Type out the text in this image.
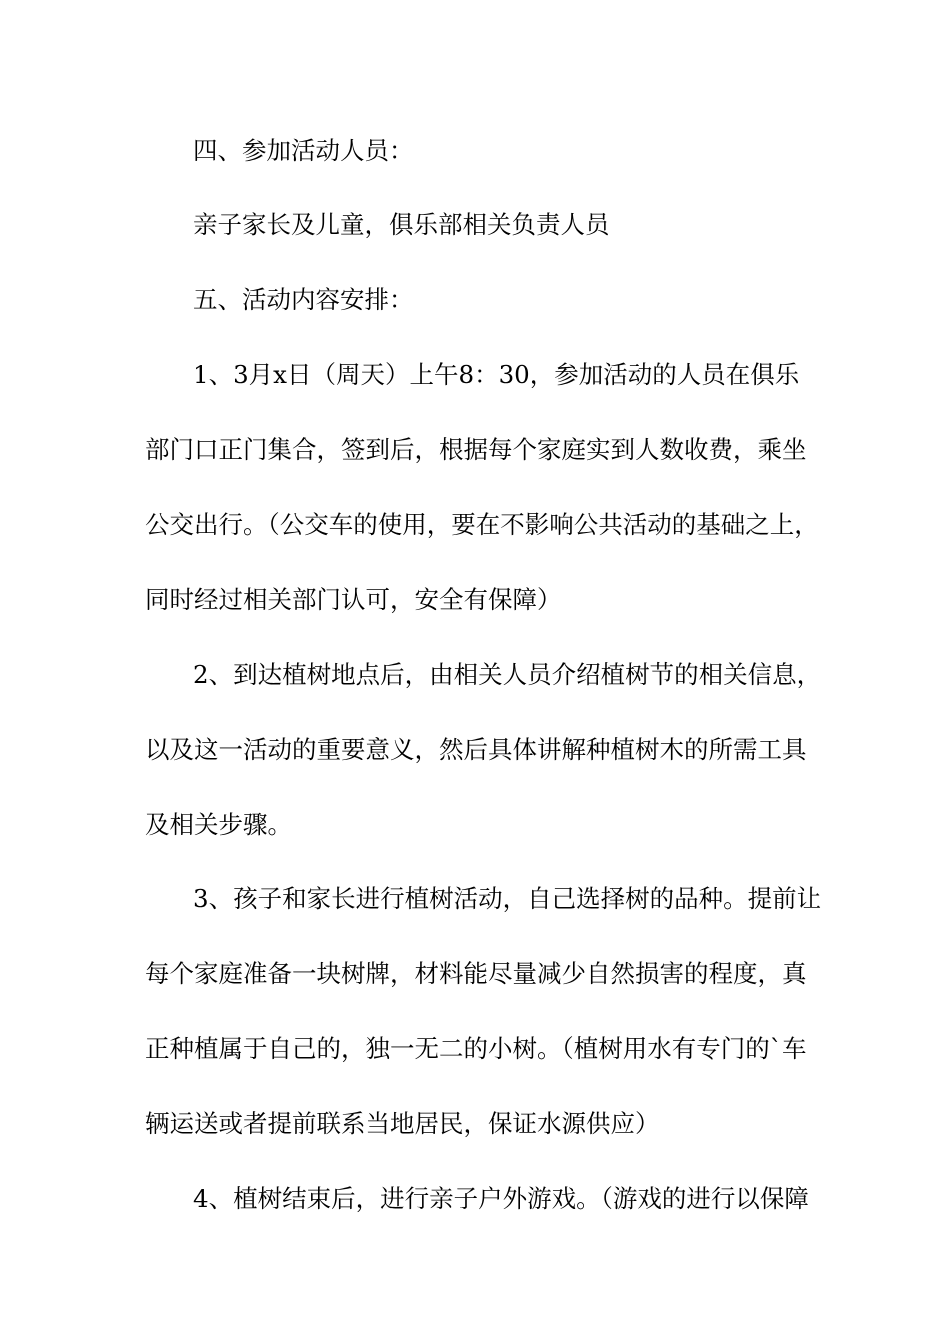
四、参加活动人员：
亲子家长及儿童，俱乐部相关负责人员
五、活动内容安排：
1、3月x日（周天）上午8：30，参加活动的人员在俱乐
部门口正门集合，签到后，根据每个家庭实到人数收费，乘坐
公交出行。（公交车的使用，要在不影响公共活动的基础之上，
同时经过相关部门认可，安全有保障）
2、到达植树地点后，由相关人员介绍植树节的相关信息，
以及这一活动的重要意义，然后具体讲解种植树木的所需工具
及相关步骤。
3、孩子和家长进行植树活动，自己选择树的品种。提前让
每个家庭准备一块树牌，材料能尽量减少自然损害的程度，真
正种植属于自己的，独一无二的小树。（植树用水有专门的`车
辆运送或者提前联系当地居民，保证水源供应）
4、植树结束后，进行亲子户外游戏。（游戏的进行以保障
